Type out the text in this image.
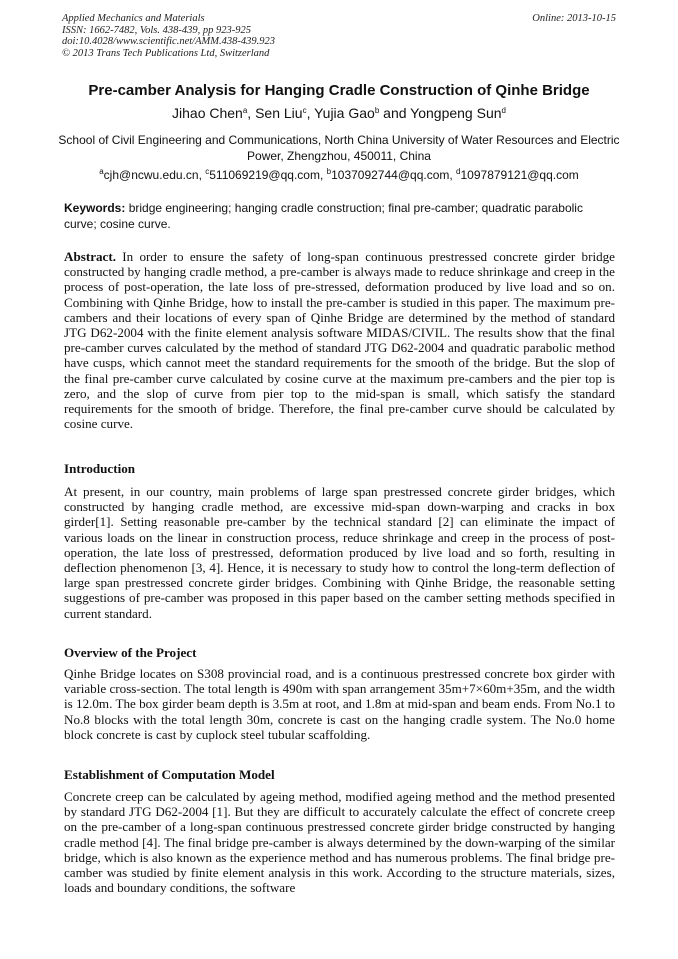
Applied Mechanics and Materials
ISSN: 1662-7482, Vols. 438-439, pp 923-925
doi:10.4028/www.scientific.net/AMM.438-439.923
© 2013 Trans Tech Publications Ltd, Switzerland
Online: 2013-10-15
Pre-camber Analysis for Hanging Cradle Construction of Qinhe Bridge
Jihao Chen$^a$, Sen Liu$^c$, Yujia Gao$^b$ and Yongpeng Sun$^d$
School of Civil Engineering and Communications, North China University of Water Resources and Electric Power, Zhengzhou, 450011, China
$^a$cjh@ncwu.edu.cn, $^c$511069219@qq.com, $^b$1037092744@qq.com, $^d$1097879121@qq.com
Keywords: bridge engineering; hanging cradle construction; final pre-camber; quadratic parabolic curve; cosine curve.
Abstract. In order to ensure the safety of long-span continuous prestressed concrete girder bridge constructed by hanging cradle method, a pre-camber is always made to reduce shrinkage and creep in the process of post-operation, the late loss of pre-stressed, deformation produced by live load and so on. Combining with Qinhe Bridge, how to install the pre-camber is studied in this paper. The maximum pre-cambers and their locations of every span of Qinhe Bridge are determined by the method of standard JTG D62-2004 with the finite element analysis software MIDAS/CIVIL. The results show that the final pre-camber curves calculated by the method of standard JTG D62-2004 and quadratic parabolic method have cusps, which cannot meet the standard requirements for the smooth of the bridge. But the slop of the final pre-camber curve calculated by cosine curve at the maximum pre-cambers and the pier top is zero, and the slop of curve from pier top to the mid-span is small, which satisfy the standard requirements for the smooth of bridge. Therefore, the final pre-camber curve should be calculated by cosine curve.
Introduction
At present, in our country, main problems of large span prestressed concrete girder bridges, which constructed by hanging cradle method, are excessive mid-span down-warping and cracks in box girder[1]. Setting reasonable pre-camber by the technical standard [2] can eliminate the impact of various loads on the linear in construction process, reduce shrinkage and creep in the process of post-operation, the late loss of prestressed, deformation produced by live load and so forth, resulting in deflection phenomenon [3, 4]. Hence, it is necessary to study how to control the long-term deflection of large span prestressed concrete girder bridges. Combining with Qinhe Bridge, the reasonable setting suggestions of pre-camber was proposed in this paper based on the camber setting methods specified in current standard.
Overview of the Project
Qinhe Bridge locates on S308 provincial road, and is a continuous prestressed concrete box girder with variable cross-section. The total length is 490m with span arrangement 35m+7×60m+35m, and the width is 12.0m. The box girder beam depth is 3.5m at root, and 1.8m at mid-span and beam ends. From No.1 to No.8 blocks with the total length 30m, concrete is cast on the hanging cradle system. The No.0 home block concrete is cast by cuplock steel tubular scaffolding.
Establishment of Computation Model
Concrete creep can be calculated by ageing method, modified ageing method and the method presented by standard JTG D62-2004 [1]. But they are difficult to accurately calculate the effect of concrete creep on the pre-camber of a long-span continuous prestressed concrete girder bridge constructed by hanging cradle method [4]. The final bridge pre-camber is always determined by the down-warping of the similar bridge, which is also known as the experience method and has numerous problems. The final bridge pre-camber was studied by finite element analysis in this work. According to the structure materials, sizes, loads and boundary conditions, the software
